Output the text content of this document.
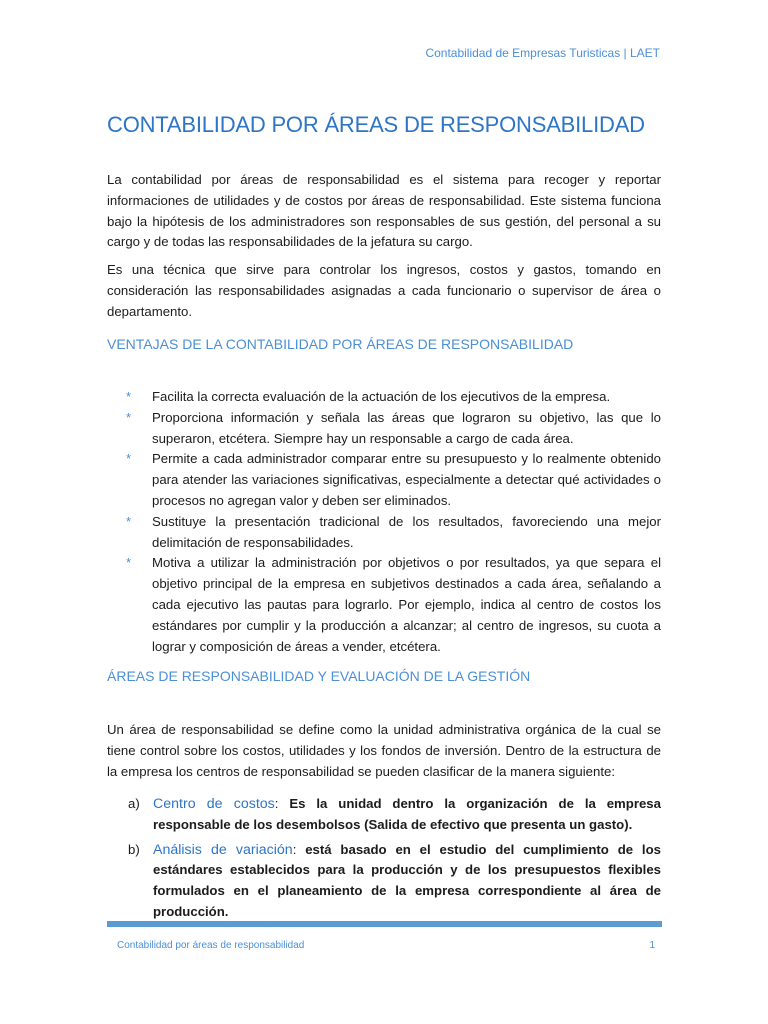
Contabilidad de Empresas Turisticas | LAET
CONTABILIDAD POR ÁREAS DE RESPONSABILIDAD

La contabilidad por áreas de responsabilidad es el sistema para recoger y reportar informaciones de utilidades y de costos por áreas de responsabilidad. Este sistema funciona bajo la hipótesis de los administradores son responsables de sus gestión, del personal a su cargo y de todas las responsabilidades de la jefatura su cargo.

Es una técnica que sirve para controlar los ingresos, costos y gastos, tomando en consideración las responsabilidades asignadas a cada funcionario o supervisor de área o departamento.

VENTAJAS DE LA CONTABILIDAD POR ÁREAS DE RESPONSABILIDAD
* Facilita la correcta evaluación de la actuación de los ejecutivos de la empresa.
* Proporciona información y señala las áreas que lograron su objetivo, las que lo superaron, etcétera. Siempre hay un responsable a cargo de cada área.
* Permite a cada administrador comparar entre su presupuesto y lo realmente obtenido para atender las variaciones significativas, especialmente a detectar qué actividades o procesos no agregan valor y deben ser eliminados.
* Sustituye la presentación tradicional de los resultados, favoreciendo una mejor delimitación de responsabilidades.
* Motiva a utilizar la administración por objetivos o por resultados, ya que separa el objetivo principal de la empresa en subjetivos destinados a cada área, señalando a cada ejecutivo las pautas para lograrlo. Por ejemplo, indica al centro de costos los estándares por cumplir y la producción a alcanzar; al centro de ingresos, su cuota a lograr y composición de áreas a vender, etcétera.
ÁREAS DE RESPONSABILIDAD Y EVALUACIÓN DE LA GESTIÓN

Un área de responsabilidad se define como la unidad administrativa orgánica de la cual se tiene control sobre los costos, utilidades y los fondos de inversión. Dentro de la estructura de la empresa los centros de responsabilidad se pueden clasificar de la manera siguiente:

a) Centro de costos: Es la unidad dentro la organización de la empresa responsable de los desembolsos (Salida de efectivo que presenta un gasto).
b) Análisis de variación: está basado en el estudio del cumplimiento de los estándares establecidos para la producción y de los presupuestos flexibles formulados en el planeamiento de la empresa correspondiente al área de producción.
Contabilidad por áreas de responsabilidad	1
